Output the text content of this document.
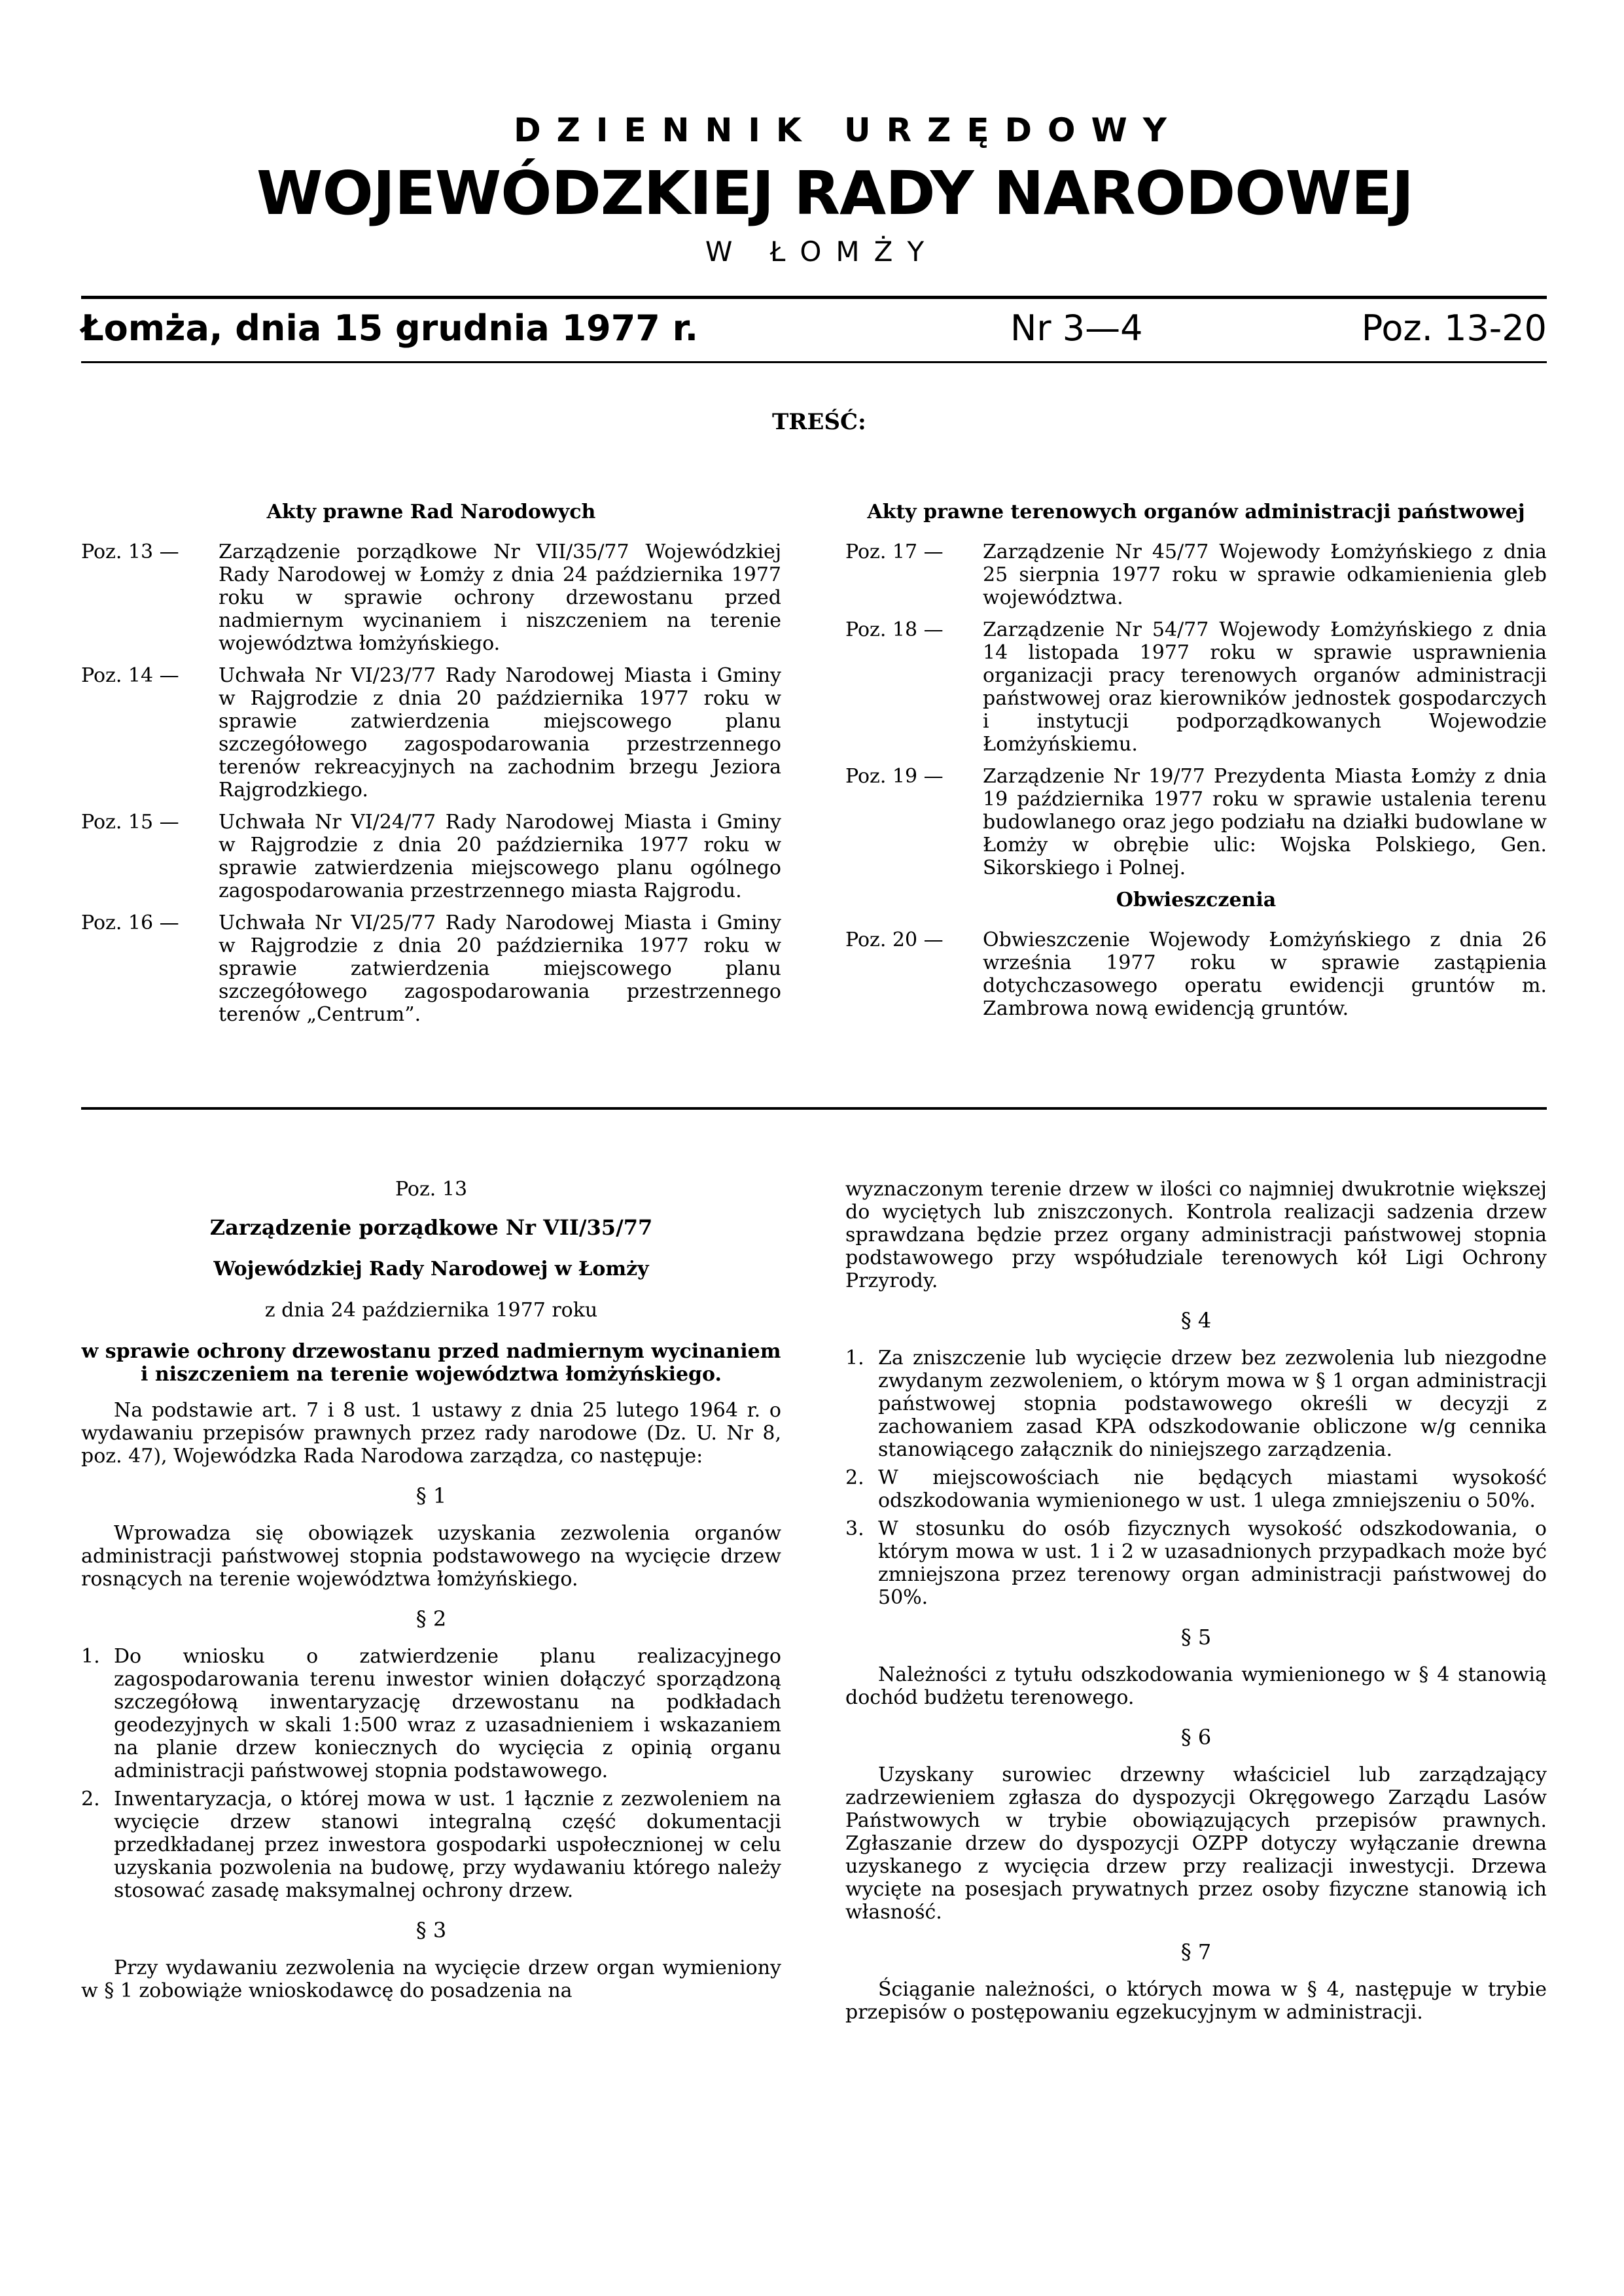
DZIENNIK URZĘDOWY
WOJEWÓDZKIEJ RADY NARODOWEJ
W ŁOMŻY
Łomża, dnia 15 grudnia 1977 r.	Nr 3—4	Poz. 13-20
TREŚĆ:
Akty prawne Rad Narodowych
Poz. 13 —	Zarządzenie porządkowe Nr VII/35/77 Wojewódzkiej Rady Narodowej w Łomży z dnia 24 października 1977 roku w sprawie ochrony drzewostanu przed nadmiernym wycinaniem i niszczeniem na terenie województwa łomżyńskiego.
Poz. 14 —	Uchwała Nr VI/23/77 Rady Narodowej Miasta i Gminy w Rajgrodzie z dnia 20 października 1977 roku w sprawie zatwierdzenia miejscowego planu szczegółowego zagospodarowania przestrzennego terenów rekreacyjnych na zachodnim brzegu Jeziora Rajgrodzkiego.
Poz. 15 —	Uchwała Nr VI/24/77 Rady Narodowej Miasta i Gminy w Rajgrodzie z dnia 20 października 1977 roku w sprawie zatwierdzenia miejscowego planu ogólnego zagospodarowania przestrzennego miasta Rajgrodu.
Poz. 16 —	Uchwała Nr VI/25/77 Rady Narodowej Miasta i Gminy w Rajgrodzie z dnia 20 października 1977 roku w sprawie zatwierdzenia miejscowego planu szczegółowego zagospodarowania przestrzennego terenów „Centrum”.
Akty prawne terenowych organów administracji państwowej
Poz. 17 —	Zarządzenie Nr 45/77 Wojewody Łomżyńskiego z dnia 25 sierpnia 1977 roku w sprawie odkamienienia gleb województwa.
Poz. 18 —	Zarządzenie Nr 54/77 Wojewody Łomżyńskiego z dnia 14 listopada 1977 roku w sprawie usprawnienia organizacji pracy terenowych organów administracji państwowej oraz kierowników jednostek gospodarczych i instytucji podporządkowanych Wojewodzie Łomżyńskiemu.
Poz. 19 —	Zarządzenie Nr 19/77 Prezydenta Miasta Łomży z dnia 19 października 1977 roku w sprawie ustalenia terenu budowlanego oraz jego podziału na działki budowlane w Łomży w obrębie ulic: Wojska Polskiego, Gen. Sikorskiego i Polnej.
Obwieszczenia
Poz. 20 —	Obwieszczenie Wojewody Łomżyńskiego z dnia 26 września 1977 roku w sprawie zastąpienia dotychczasowego operatu ewidencji gruntów m. Zambrowa nową ewidencją gruntów.
Poz. 13
Zarządzenie porządkowe Nr VII/35/77
Wojewódzkiej Rady Narodowej w Łomży
z dnia 24 października 1977 roku
w sprawie ochrony drzewostanu przed nadmiernym wycinaniem i niszczeniem na terenie województwa łomżyńskiego.

Na podstawie art. 7 i 8 ust. 1 ustawy z dnia 25 lutego 1964 r. o wydawaniu przepisów prawnych przez rady narodowe (Dz. U. Nr 8, poz. 47), Wojewódzka Rada Narodowa zarządza, co następuje:

§ 1

Wprowadza się obowiązek uzyskania zezwolenia organów administracji państwowej stopnia podstawowego na wycięcie drzew rosnących na terenie województwa łomżyńskiego.

§ 2
1. Do wniosku o zatwierdzenie planu realizacyjnego zagospodarowania terenu inwestor winien dołączyć sporządzoną szczegółową inwentaryzację drzewostanu na podkładach geodezyjnych w skali 1:500 wraz z uzasadnieniem i wskazaniem na planie drzew koniecznych do wycięcia z opinią organu administracji państwowej stopnia podstawowego.
2. Inwentaryzacja, o której mowa w ust. 1 łącznie z zezwoleniem na wycięcie drzew stanowi integralną część dokumentacji przedkładanej przez inwestora gospodarki uspołecznionej w celu uzyskania pozwolenia na budowę, przy wydawaniu którego należy stosować zasadę maksymalnej ochrony drzew.
§ 3

Przy wydawaniu zezwolenia na wycięcie drzew organ wymieniony w § 1 zobowiąże wnioskodawcę do posadzenia na

wyznaczonym terenie drzew w ilości co najmniej dwukrotnie większej do wyciętych lub zniszczonych. Kontrola realizacji sadzenia drzew sprawdzana będzie przez organy administracji państwowej stopnia podstawowego przy współudziale terenowych kół Ligi Ochrony Przyrody.

§ 4
1. Za zniszczenie lub wycięcie drzew bez zezwolenia lub niezgodne zwydanym zezwoleniem, o którym mowa w § 1 organ administracji państwowej stopnia podstawowego określi w decyzji z zachowaniem zasad KPA odszkodowanie obliczone w/g cennika stanowiącego załącznik do niniejszego zarządzenia.
2. W miejscowościach nie będących miastami wysokość odszkodowania wymienionego w ust. 1 ulega zmniejszeniu o 50%.
3. W stosunku do osób fizycznych wysokość odszkodowania, o którym mowa w ust. 1 i 2 w uzasadnionych przypadkach może być zmniejszona przez terenowy organ administracji państwowej do 50%.
§ 5

Należności z tytułu odszkodowania wymienionego w § 4 stanowią dochód budżetu terenowego.

§ 6

Uzyskany surowiec drzewny właściciel lub zarządzający zadrzewieniem zgłasza do dyspozycji Okręgowego Zarządu Lasów Państwowych w trybie obowiązujących przepisów prawnych. Zgłaszanie drzew do dyspozycji OZPP dotyczy wyłączanie drewna uzyskanego z wycięcia drzew przy realizacji inwestycji. Drzewa wycięte na posesjach prywatnych przez osoby fizyczne stanowią ich własność.

§ 7

Ściąganie należności, o których mowa w § 4, następuje w trybie przepisów o postępowaniu egzekucyjnym w administracji.
